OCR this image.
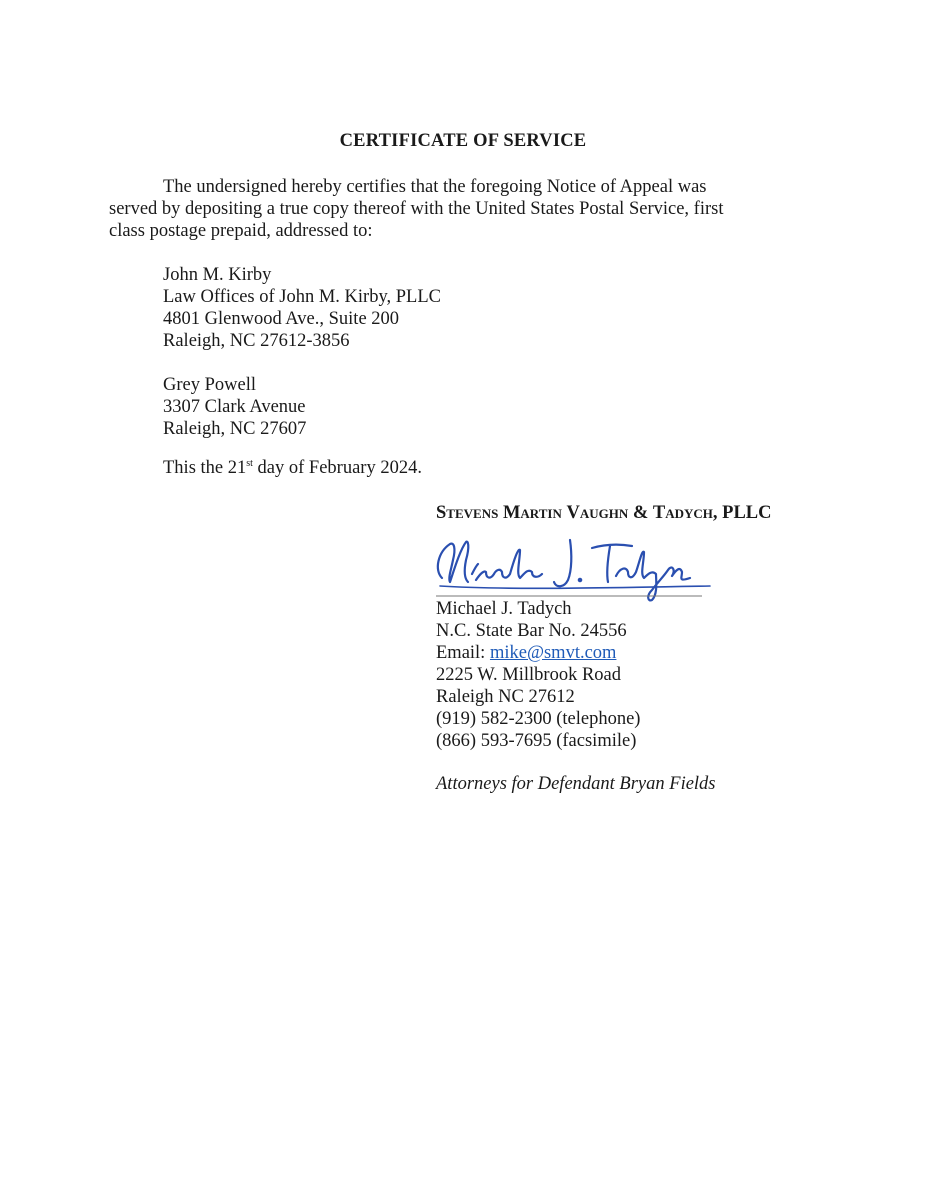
CERTIFICATE OF SERVICE
The undersigned hereby certifies that the foregoing Notice of Appeal was
served by depositing a true copy thereof with the United States Postal Service, first
class postage prepaid, addressed to:
John M. Kirby
Law Offices of John M. Kirby, PLLC
4801 Glenwood Ave., Suite 200
Raleigh, NC 27612-3856
Grey Powell
3307 Clark Avenue
Raleigh, NC 27607
This the 21st day of February 2024.
Stevens Martin Vaughn & Tadych, PLLC
Michael J. Tadych
N.C. State Bar No. 24556
Email: mike@smvt.com
2225 W. Millbrook Road
Raleigh NC 27612
(919) 582-2300 (telephone)
(866) 593-7695 (facsimile)
Attorneys for Defendant Bryan Fields
